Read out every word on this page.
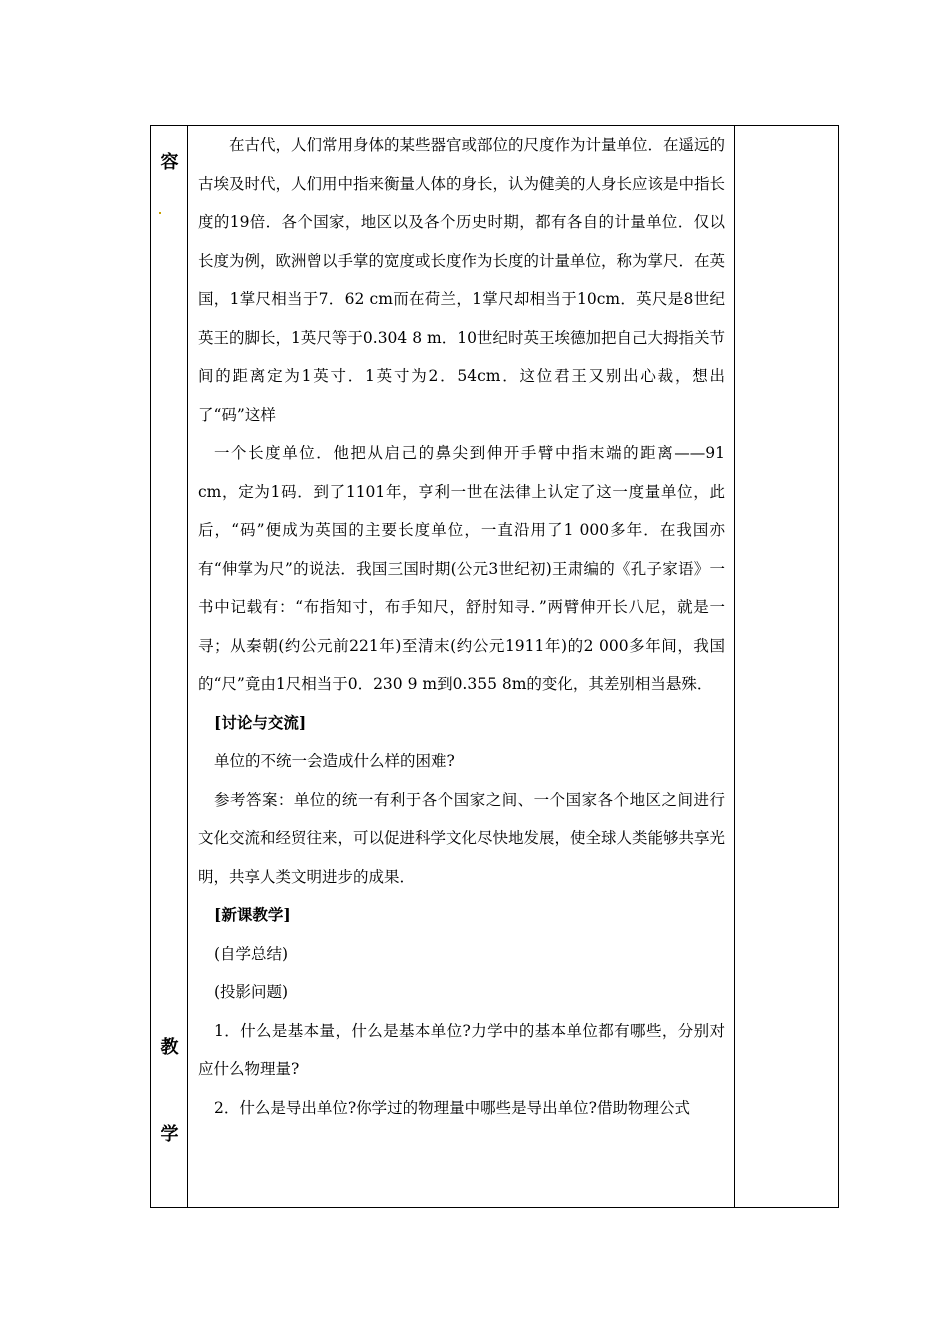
容
教
学

在古代，人们常用身体的某些器官或部位的尺度作为计量单位．在遥远的古埃及时代，人们用中指来衡量人体的身长，认为健美的人身长应该是中指长度的19倍．各个国家，地区以及各个历史时期，都有各自的计量单位．仅以长度为例，欧洲曾以手掌的宽度或长度作为长度的计量单位，称为掌尺．在英国，1掌尺相当于7．62 cm而在荷兰，1掌尺却相当于10cm．英尺是8世纪英王的脚长，1英尺等于0.304 8 m．10世纪时英王埃德加把自己大拇指关节间的距离定为1英寸．1英寸为2．54cm．这位君王又别出心裁，想出了“码”这样

一个长度单位．他把从启己的鼻尖到伸开手臂中指末端的距离——91 cm，定为1码．到了1101年，亨利一世在法律上认定了这一度量单位，此后，“码”便成为英国的主要长度单位，一直沿用了1 000多年．在我国亦有“伸掌为尺”的说法．我国三国时期(公元3世纪初)王肃编的《孔子家语》一书中记载有：“布指知寸，布手知尺，舒肘知寻．”两臂伸开长八尼，就是一寻；从秦朝(约公元前221年)至清末(约公元1911年)的2 000多年间，我国的“尺”竟由1尺相当于0．230 9 m到0.355 8m的变化，其差别相当悬殊．

[讨论与交流]

单位的不统一会造成什么样的困难?

参考答案：单位的统一有利于各个国家之间、一个国家各个地区之间进行文化交流和经贸往来，可以促进科学文化尽快地发展，使全球人类能够共享光明，共享人类文明进步的成果．

[新课教学]

(自学总结)

(投影问题)

1．什么是基本量，什么是基本单位?力学中的基本单位都有哪些，分别对应什么物理量?

2．什么是导出单位?你学过的物理量中哪些是导出单位?借助物理公式
